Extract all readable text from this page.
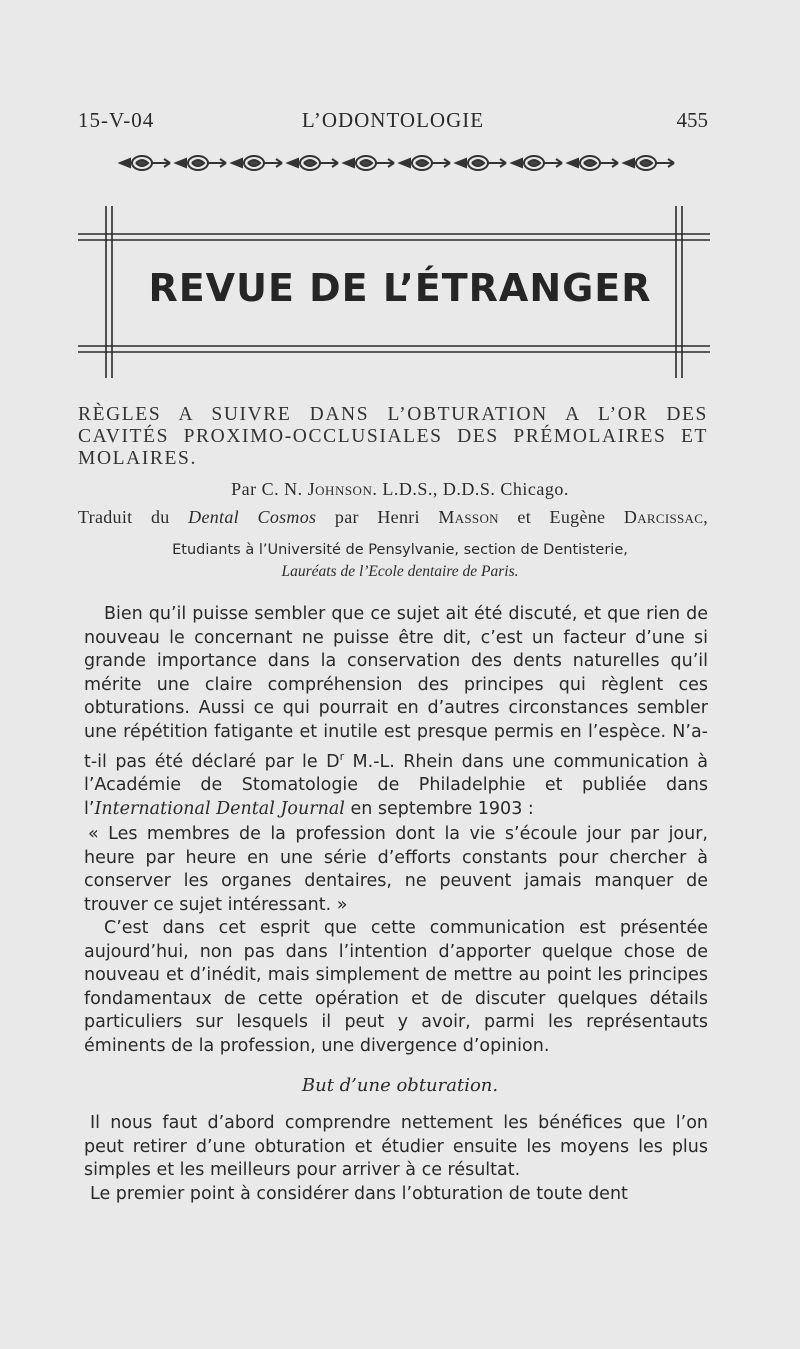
15-V-04	L’ODONTOLOGIE	455
REVUE DE L’ÉTRANGER
RÈGLES A SUIVRE DANS L’OBTURATION A L’OR DES CAVITÉS PROXIMO-OCCLUSIALES DES PRÉMOLAIRES ET MOLAIRES.
Par C. N. Johnson. L.D.S., D.D.S. Chicago.
Traduit du Dental Cosmos par Henri Masson et Eugène Darcissac,
Etudiants à l’Université de Pensylvanie, section de Dentisterie,
Lauréats de l’Ecole dentaire de Paris.

Bien qu’il puisse sembler que ce sujet ait été discuté, et que rien de nouveau le concernant ne puisse être dit, c’est un facteur d’une si grande importance dans la conservation des dents naturelles qu’il mérite une claire compréhension des principes qui règlent ces obturations. Aussi ce qui pourrait en d’autres circonstances sembler une répétition fatigante et inutile est presque permis en l’espèce. N’a-t-il pas été déclaré par le $D^r$ M.-L. Rhein dans une communication à l’Académie de Stomatologie de Philadelphie et publiée dans l’International Dental Journal en septembre 1903 :

« Les membres de la profession dont la vie s’écoule jour par jour, heure par heure en une série d’efforts constants pour chercher à conserver les organes dentaires, ne peuvent jamais manquer de trouver ce sujet intéressant. »

C’est dans cet esprit que cette communication est présentée aujourd’hui, non pas dans l’intention d’apporter quelque chose de nouveau et d’inédit, mais simplement de mettre au point les principes fondamentaux de cette opération et de discuter quelques détails particuliers sur lesquels il peut y avoir, parmi les représentauts éminents de la profession, une divergence d’opinion.

But d’une obturation.

Il nous faut d’abord comprendre nettement les bénéfices que l’on peut retirer d’une obturation et étudier ensuite les moyens les plus simples et les meilleurs pour arriver à ce résultat.

Le premier point à considérer dans l’obturation de toute dent
